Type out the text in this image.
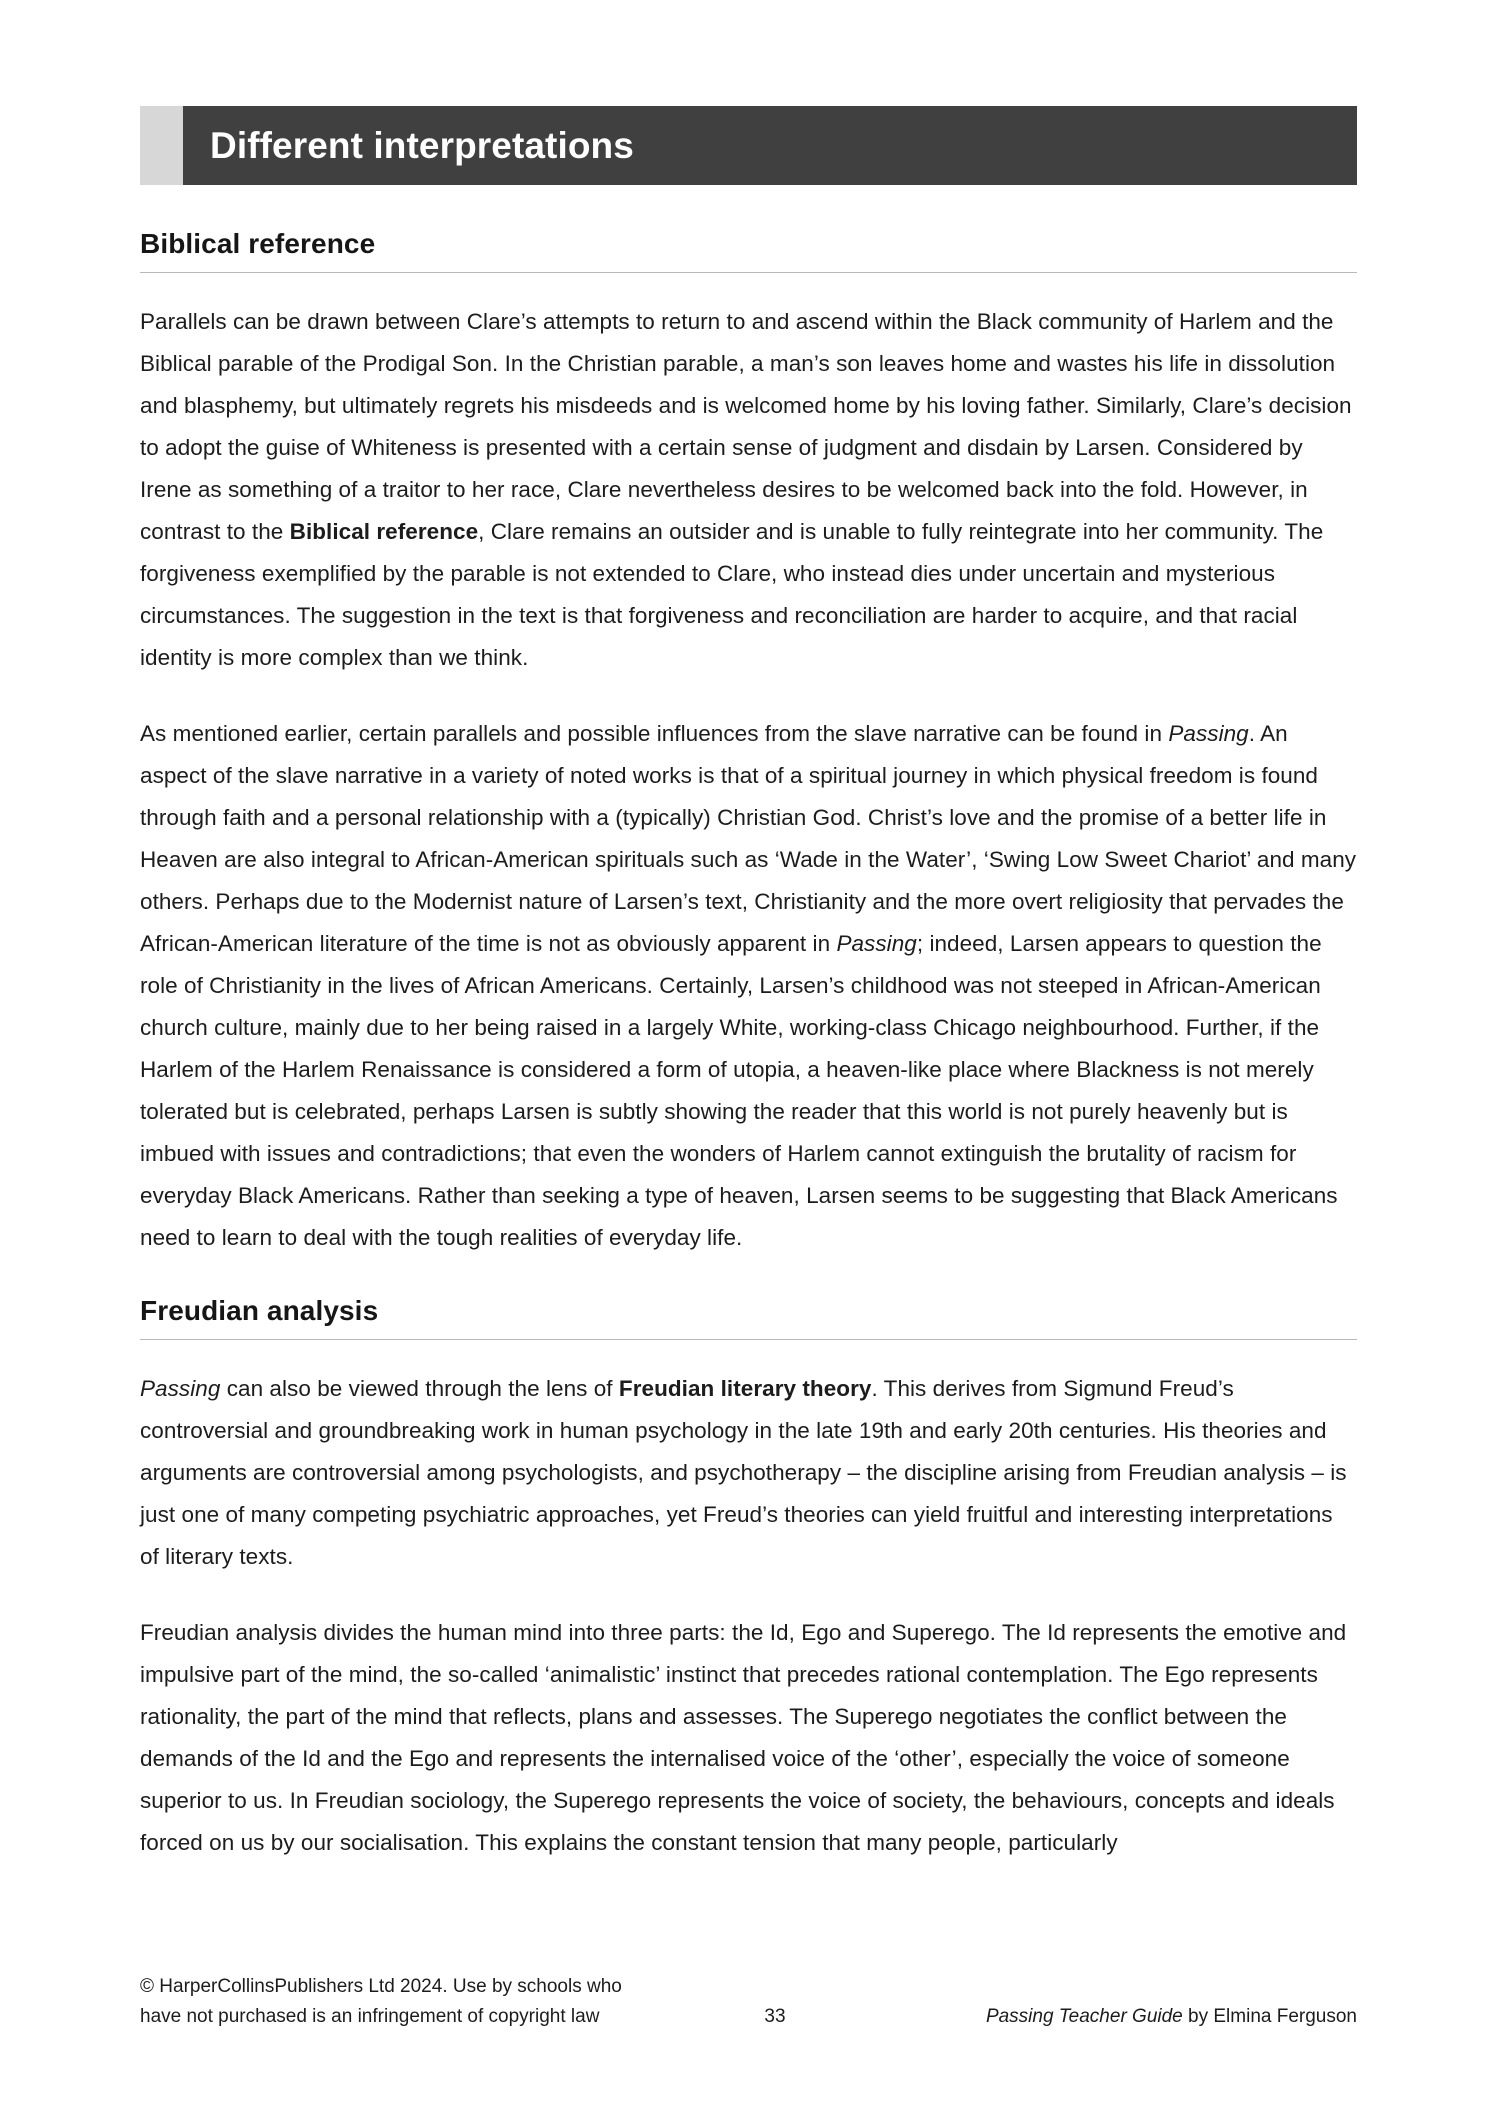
Different interpretations
Biblical reference

Parallels can be drawn between Clare’s attempts to return to and ascend within the Black community of Harlem and the Biblical parable of the Prodigal Son. In the Christian parable, a man’s son leaves home and wastes his life in dissolution and blasphemy, but ultimately regrets his misdeeds and is welcomed home by his loving father. Similarly, Clare’s decision to adopt the guise of Whiteness is presented with a certain sense of judgment and disdain by Larsen. Considered by Irene as something of a traitor to her race, Clare nevertheless desires to be welcomed back into the fold. However, in contrast to the Biblical reference, Clare remains an outsider and is unable to fully reintegrate into her community. The forgiveness exemplified by the parable is not extended to Clare, who instead dies under uncertain and mysterious circumstances. The suggestion in the text is that forgiveness and reconciliation are harder to acquire, and that racial identity is more complex than we think.

As mentioned earlier, certain parallels and possible influences from the slave narrative can be found in Passing. An aspect of the slave narrative in a variety of noted works is that of a spiritual journey in which physical freedom is found through faith and a personal relationship with a (typically) Christian God. Christ’s love and the promise of a better life in Heaven are also integral to African-American spirituals such as ‘Wade in the Water’, ‘Swing Low Sweet Chariot’ and many others. Perhaps due to the Modernist nature of Larsen’s text, Christianity and the more overt religiosity that pervades the African-American literature of the time is not as obviously apparent in Passing; indeed, Larsen appears to question the role of Christianity in the lives of African Americans. Certainly, Larsen’s childhood was not steeped in African-American church culture, mainly due to her being raised in a largely White, working-class Chicago neighbourhood. Further, if the Harlem of the Harlem Renaissance is considered a form of utopia, a heaven-like place where Blackness is not merely tolerated but is celebrated, perhaps Larsen is subtly showing the reader that this world is not purely heavenly but is imbued with issues and contradictions; that even the wonders of Harlem cannot extinguish the brutality of racism for everyday Black Americans. Rather than seeking a type of heaven, Larsen seems to be suggesting that Black Americans need to learn to deal with the tough realities of everyday life.

Freudian analysis

Passing can also be viewed through the lens of Freudian literary theory. This derives from Sigmund Freud’s controversial and groundbreaking work in human psychology in the late 19th and early 20th centuries. His theories and arguments are controversial among psychologists, and psychotherapy – the discipline arising from Freudian analysis – is just one of many competing psychiatric approaches, yet Freud’s theories can yield fruitful and interesting interpretations of literary texts.

Freudian analysis divides the human mind into three parts: the Id, Ego and Superego. The Id represents the emotive and impulsive part of the mind, the so-called ‘animalistic’ instinct that precedes rational contemplation. The Ego represents rationality, the part of the mind that reflects, plans and assesses. The Superego negotiates the conflict between the demands of the Id and the Ego and represents the internalised voice of the ‘other’, especially the voice of someone superior to us. In Freudian sociology, the Superego represents the voice of society, the behaviours, concepts and ideals forced on us by our socialisation. This explains the constant tension that many people, particularly

© HarperCollinsPublishers Ltd 2024. Use by schools who
have not purchased is an infringement of copyright law	33	Passing Teacher Guide by Elmina Ferguson
